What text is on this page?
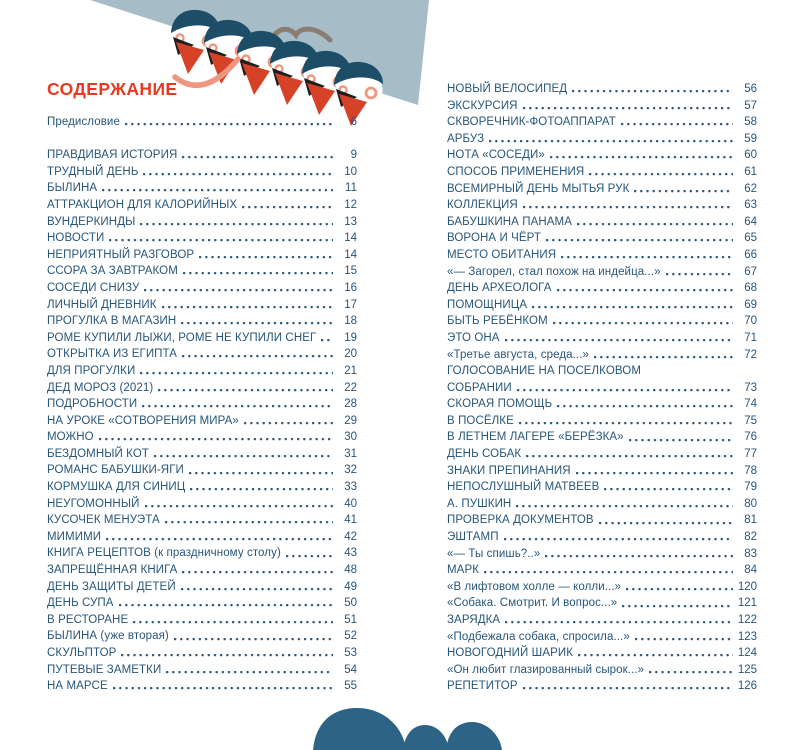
СОДЕРЖАНИЕ
Предисловие	6
ПРАВДИВАЯ ИСТОРИЯ	9
ТРУДНЫЙ ДЕНЬ	10
БЫЛИНА	11
АТТРАКЦИОН ДЛЯ КАЛОРИЙНЫХ	12
ВУНДЕРКИНДЫ	13
НОВОСТИ	14
НЕПРИЯТНЫЙ РАЗГОВОР	14
ССОРА ЗА ЗАВТРАКОМ	15
СОСЕДИ СНИЗУ	16
ЛИЧНЫЙ ДНЕВНИК	17
ПРОГУЛКА В МАГАЗИН	18
РОМЕ КУПИЛИ ЛЫЖИ, РОМЕ НЕ КУПИЛИ СНЕГ	19
ОТКРЫТКА ИЗ ЕГИПТА	20
ДЛЯ ПРОГУЛКИ	21
ДЕД МОРОЗ (2021)	22
ПОДРОБНОСТИ	28
НА УРОКЕ «СОТВОРЕНИЯ МИРА»	29
МОЖНО	30
БЕЗДОМНЫЙ КОТ	31
РОМАНС БАБУШКИ-ЯГИ	32
КОРМУШКА ДЛЯ СИНИЦ	33
НЕУГОМОННЫЙ	40
КУСОЧЕК МЕНУЭТА	41
МИМИМИ	42
КНИГА РЕЦЕПТОВ (к праздничному столу)	43
ЗАПРЕЩЁННАЯ КНИГА	48
ДЕНЬ ЗАЩИТЫ ДЕТЕЙ	49
ДЕНЬ СУПА	50
В РЕСТОРАНЕ	51
БЫЛИНА (уже вторая)	52
СКУЛЬПТОР	53
ПУТЕВЫЕ ЗАМЕТКИ	54
НА МАРСЕ	55
НОВЫЙ ВЕЛОСИПЕД	56
ЭКСКУРСИЯ	57
СКВОРЕЧНИК-ФОТОАППАРАТ	58
АРБУЗ	59
НОТА «СОСЕДИ»	60
СПОСОБ ПРИМЕНЕНИЯ	61
ВСЕМИРНЫЙ ДЕНЬ МЫТЬЯ РУК	62
КОЛЛЕКЦИЯ	63
БАБУШКИНА ПАНАМА	64
ВОРОНА И ЧЁРТ	65
МЕСТО ОБИТАНИЯ	66
«— Загорел, стал похож на индейца...»	67
ДЕНЬ АРХЕОЛОГА	68
ПОМОЩНИЦА	69
БЫТЬ РЕБЁНКОМ	70
ЭТО ОНА	71
«Третье августа, среда...»	72
ГОЛОСОВАНИЕ НА ПОСЕЛКОВОМ
СОБРАНИИ	73
СКОРАЯ ПОМОЩЬ	74
В ПОСЁЛКЕ	75
В ЛЕТНЕМ ЛАГЕРЕ «БЕРЁЗКА»	76
ДЕНЬ СОБАК	77
ЗНАКИ ПРЕПИНАНИЯ	78
НЕПОСЛУШНЫЙ МАТВЕЕВ	79
А. ПУШКИН	80
ПРОВЕРКА ДОКУМЕНТОВ	81
ЭШТАМП	82
«— Ты спишь?..»	83
МАРК	84
«В лифтовом холле — колли...»	120
«Собака. Смотрит. И вопрос...»	121
ЗАРЯДКА	122
«Подбежала собака, спросила...»	123
НОВОГОДНИЙ ШАРИК	124
«Он любит глазированный сырок...»	125
РЕПЕТИТОР	126
